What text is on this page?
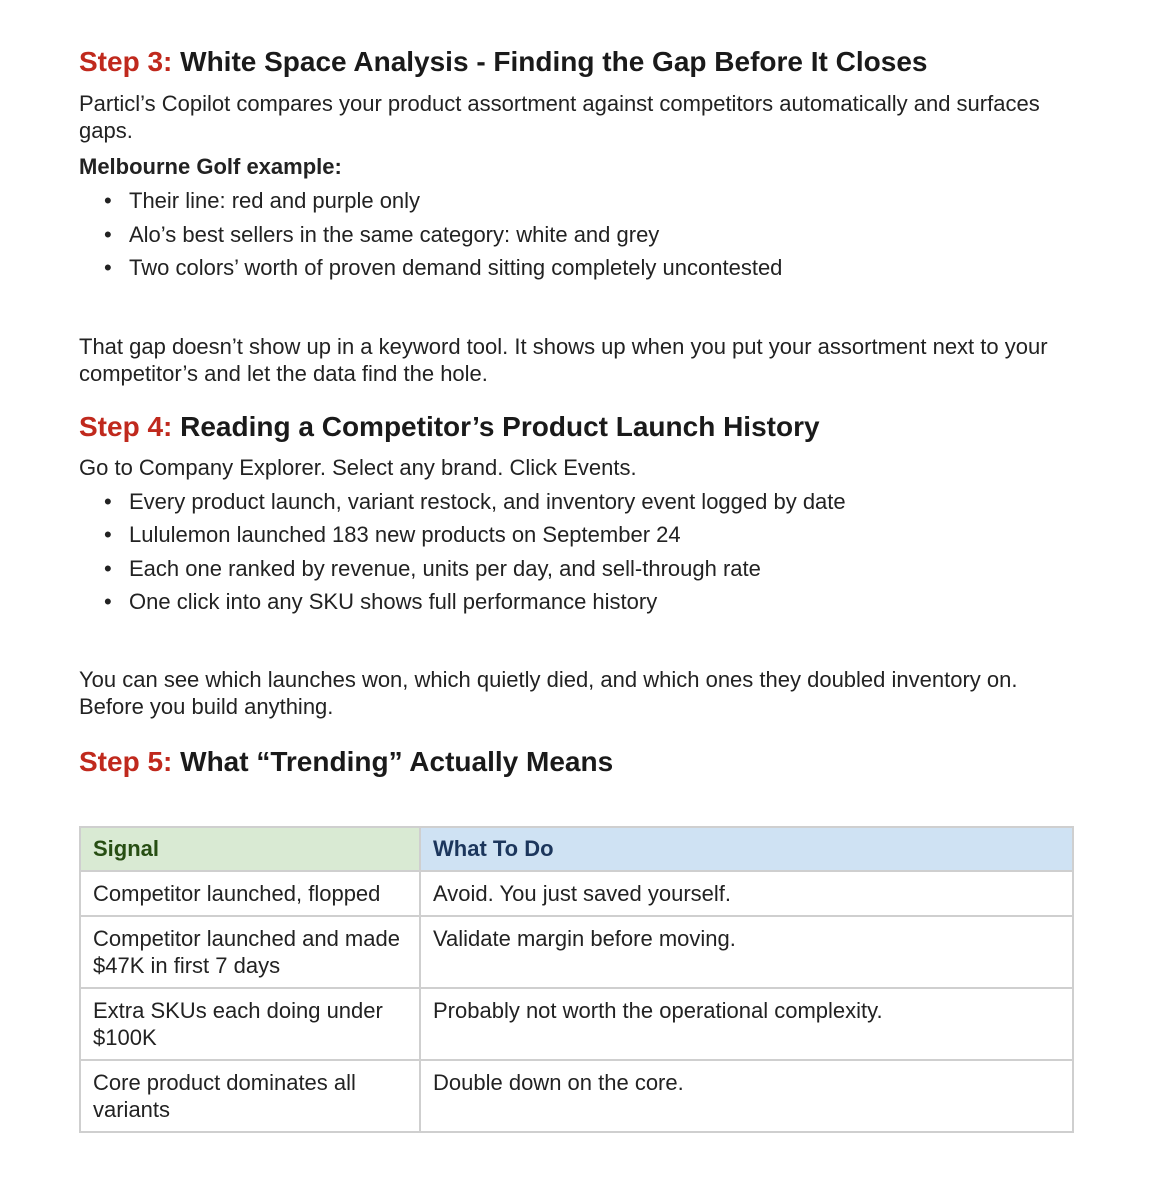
Step 3: White Space Analysis - Finding the Gap Before It Closes

Particl’s Copilot compares your product assortment against competitors automatically and surfaces gaps.

Melbourne Golf example:

• Their line: red and purple only
• Alo’s best sellers in the same category: white and grey
• Two colors’ worth of proven demand sitting completely uncontested

That gap doesn’t show up in a keyword tool. It shows up when you put your assortment next to your competitor’s and let the data find the hole.

Step 4: Reading a Competitor’s Product Launch History

Go to Company Explorer. Select any brand. Click Events.

• Every product launch, variant restock, and inventory event logged by date
• Lululemon launched 183 new products on September 24
• Each one ranked by revenue, units per day, and sell-through rate
• One click into any SKU shows full performance history

You can see which launches won, which quietly died, and which ones they doubled inventory on. Before you build anything.

Step 5: What “Trending” Actually Means
Signal	What To Do
Competitor launched, flopped	Avoid. You just saved yourself.
Competitor launched and made $47K in first 7 days	Validate margin before moving.
Extra SKUs each doing under $100K	Probably not worth the operational complexity.
Core product dominates all variants	Double down on the core.
